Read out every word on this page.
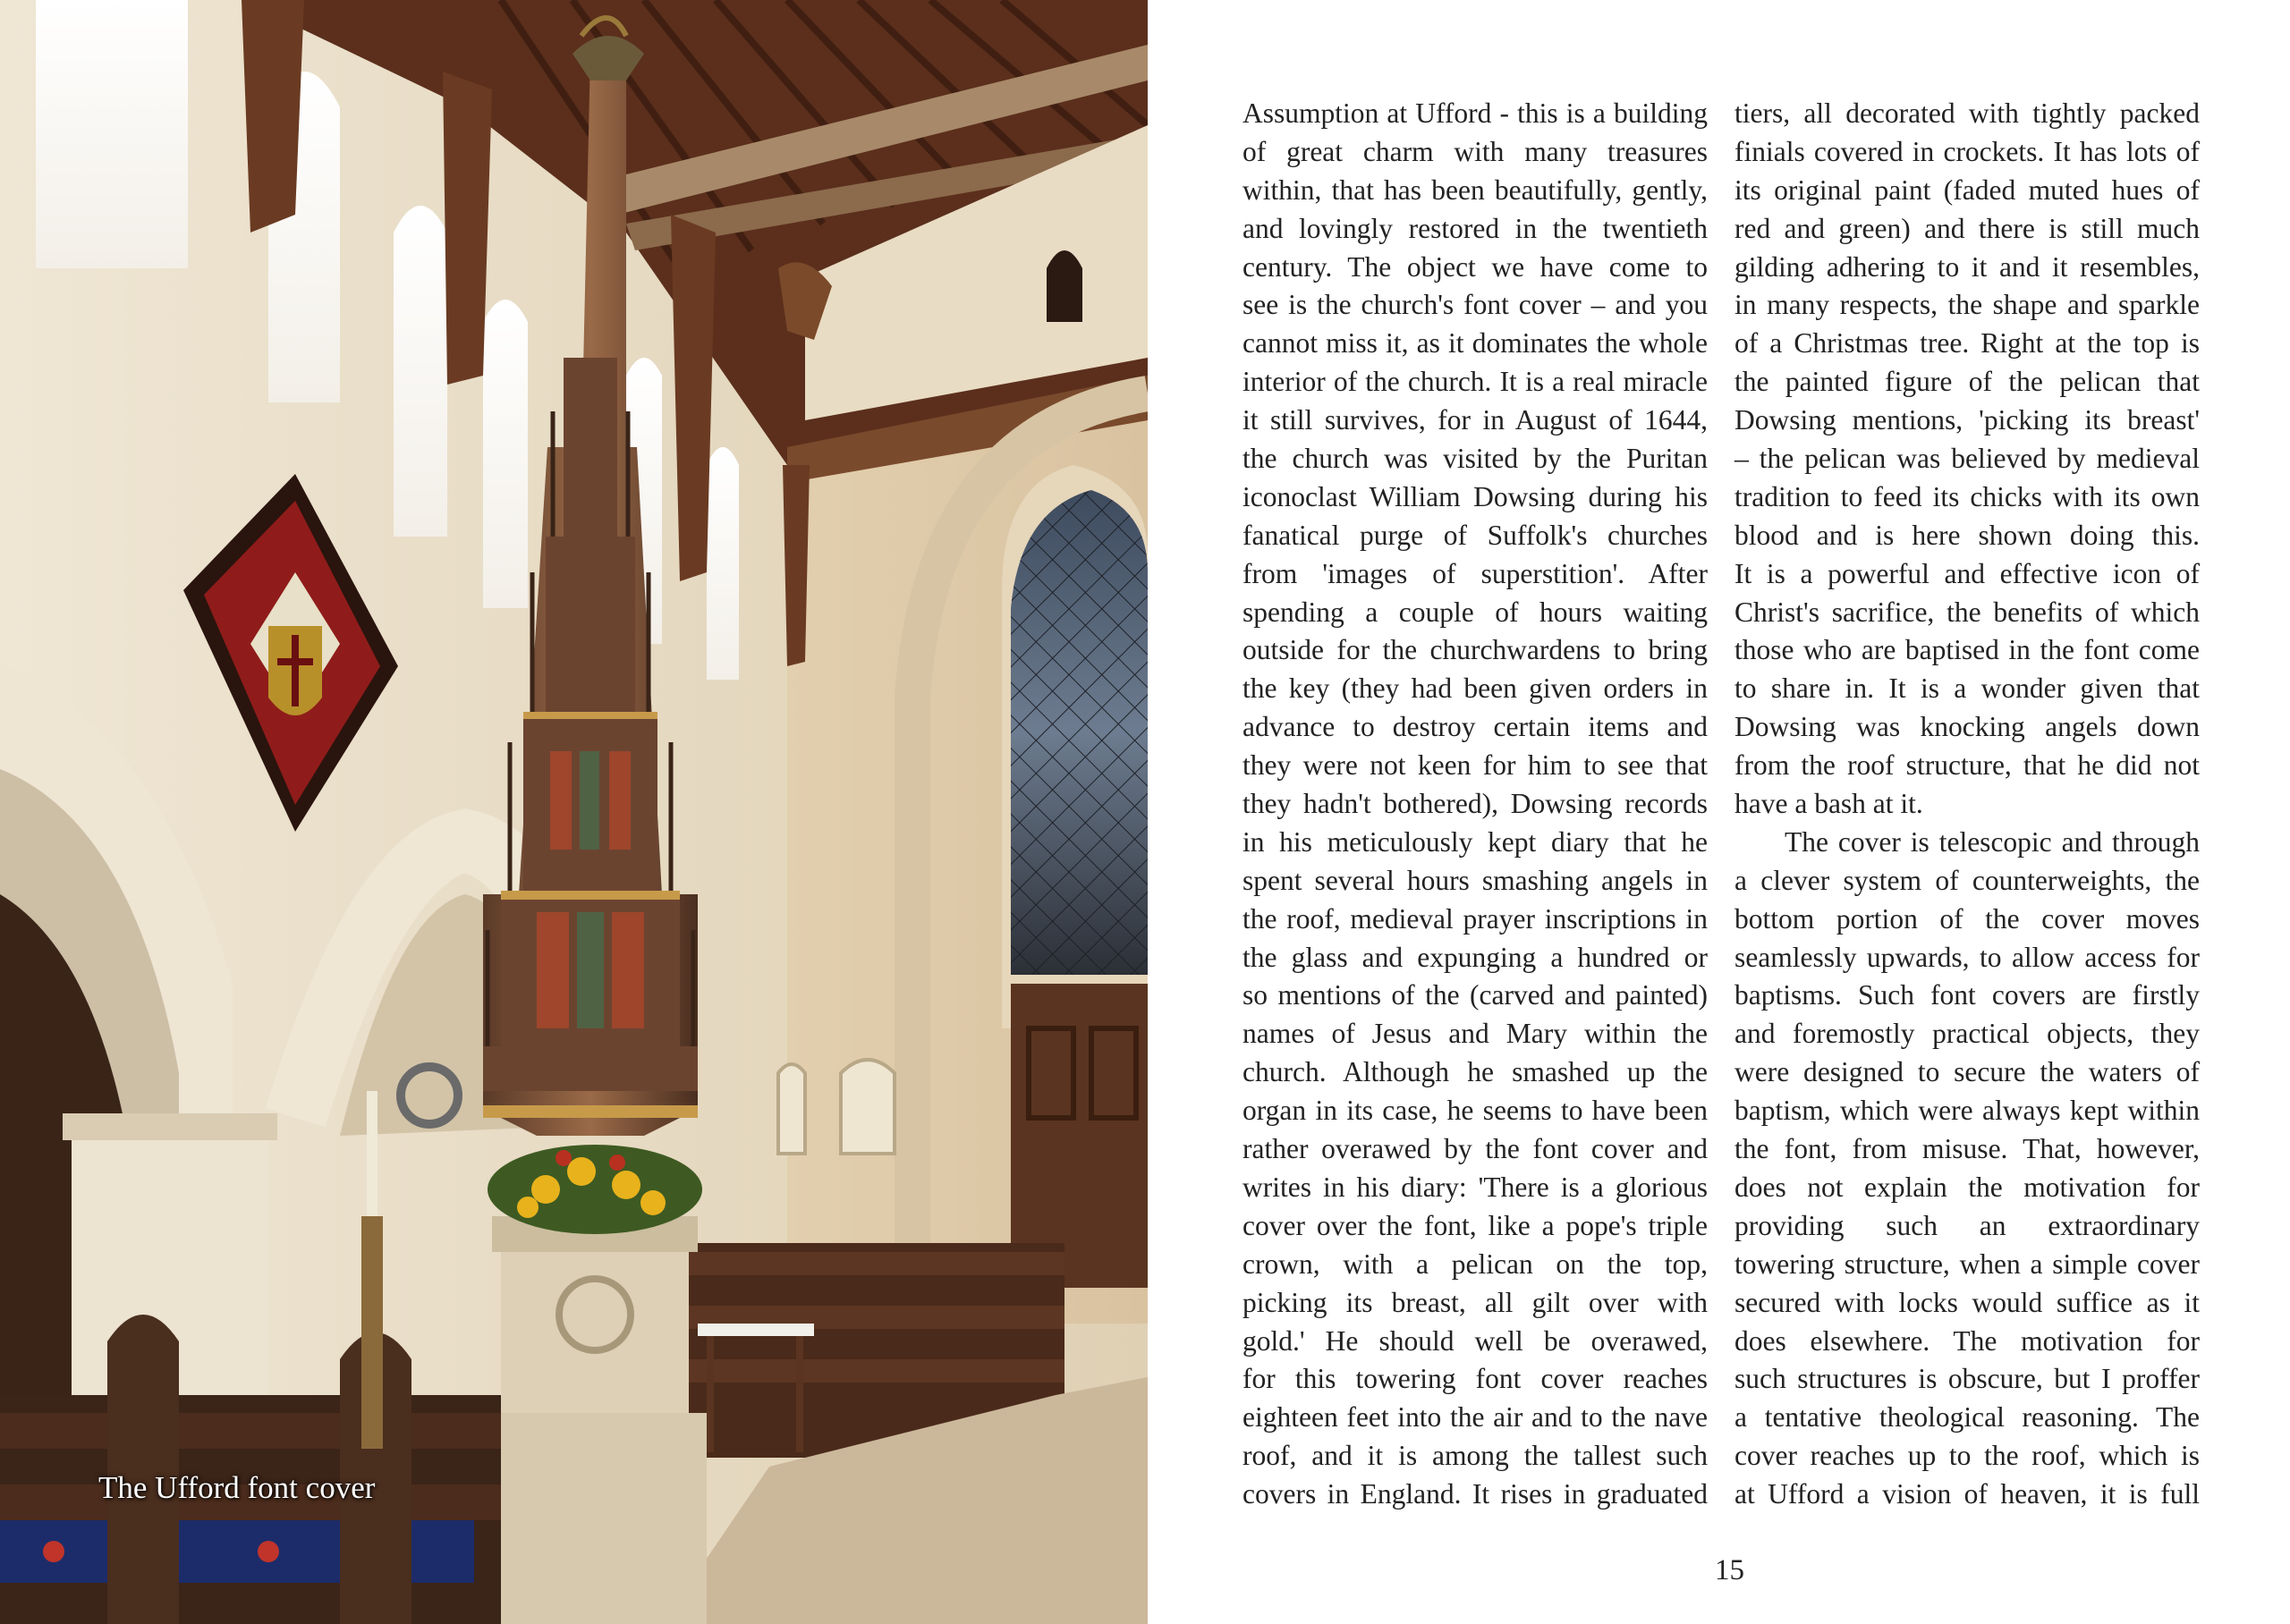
The Ufford font cover
Assumption at Ufford - this is a building
of great charm with many treasures
within, that has been beautifully, gently,
and lovingly restored in the twentieth
century. The object we have come to
see is the church's font cover – and you
cannot miss it, as it dominates the whole
interior of the church. It is a real miracle
it still survives, for in August of 1644,
the church was visited by the Puritan
iconoclast William Dowsing during his
fanatical purge of Suffolk's churches
from 'images of superstition'. After
spending a couple of hours waiting
outside for the churchwardens to bring
the key (they had been given orders in
advance to destroy certain items and
they were not keen for him to see that
they hadn't bothered), Dowsing records
in his meticulously kept diary that he
spent several hours smashing angels in
the roof, medieval prayer inscriptions in
the glass and expunging a hundred or
so mentions of the (carved and painted)
names of Jesus and Mary within the
church. Although he smashed up the
organ in its case, he seems to have been
rather overawed by the font cover and
writes in his diary: 'There is a glorious
cover over the font, like a pope's triple
crown, with a pelican on the top,
picking its breast, all gilt over with
gold.' He should well be overawed,
for this towering font cover reaches
eighteen feet into the air and to the nave
roof, and it is among the tallest such
covers in England. It rises in graduated
tiers, all decorated with tightly packed
finials covered in crockets. It has lots of
its original paint (faded muted hues of
red and green) and there is still much
gilding adhering to it and it resembles,
in many respects, the shape and sparkle
of a Christmas tree. Right at the top is
the painted figure of the pelican that
Dowsing mentions, 'picking its breast'
– the pelican was believed by medieval
tradition to feed its chicks with its own
blood and is here shown doing this.
It is a powerful and effective icon of
Christ's sacrifice, the benefits of which
those who are baptised in the font come
to share in. It is a wonder given that
Dowsing was knocking angels down
from the roof structure, that he did not
have a bash at it.
The cover is telescopic and through
a clever system of counterweights, the
bottom portion of the cover moves
seamlessly upwards, to allow access for
baptisms. Such font covers are firstly
and foremostly practical objects, they
were designed to secure the waters of
baptism, which were always kept within
the font, from misuse. That, however,
does not explain the motivation for
providing such an extraordinary
towering structure, when a simple cover
secured with locks would suffice as it
does elsewhere. The motivation for
such structures is obscure, but I proffer
a tentative theological reasoning. The
cover reaches up to the roof, which is
at Ufford a vision of heaven, it is full
15
